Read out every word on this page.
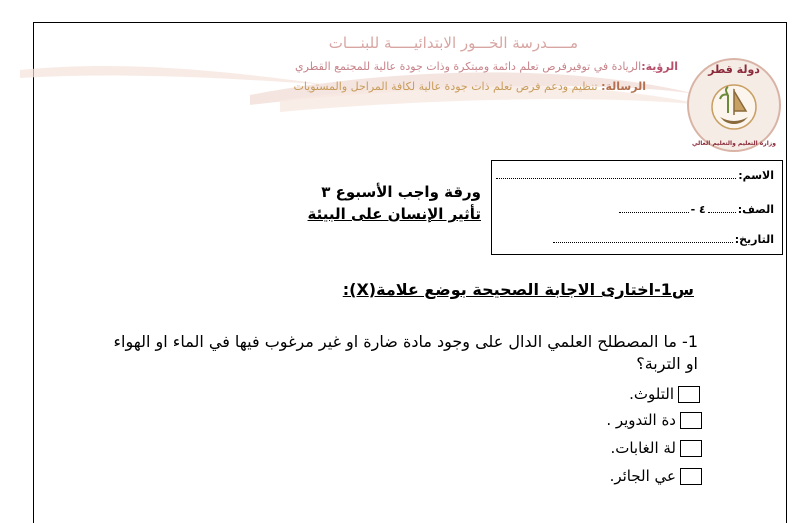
مـــــدرسة الخـــور الابتدائيـــــة للبنـــات
الرؤية:الريادة في توفيرفرص تعلم دائمة ومبتكرة وذات جودة عالية للمجتمع القطري
الرسالة: تنظيم ودعم فرص تعلم ذات جودة عالية لكافة المراحل والمستويات
دولة قطر
وزارة التعليم والتعليم العالي
الاسم:
الصف:
٤ -
التاريخ:
ورقة واجب الأسبوع ٣
تأثير الإنسان على البيئة
س1-اختارى الاجابة الصحيحة بوضع علامة(X):
1- ما المصطلح العلمي الدال على وجود مادة ضارة او غير مرغوب فيها في الماء او الهواء او التربة؟
التلوث.
دة التدوير .
لة الغابات.
عي الجائر.
